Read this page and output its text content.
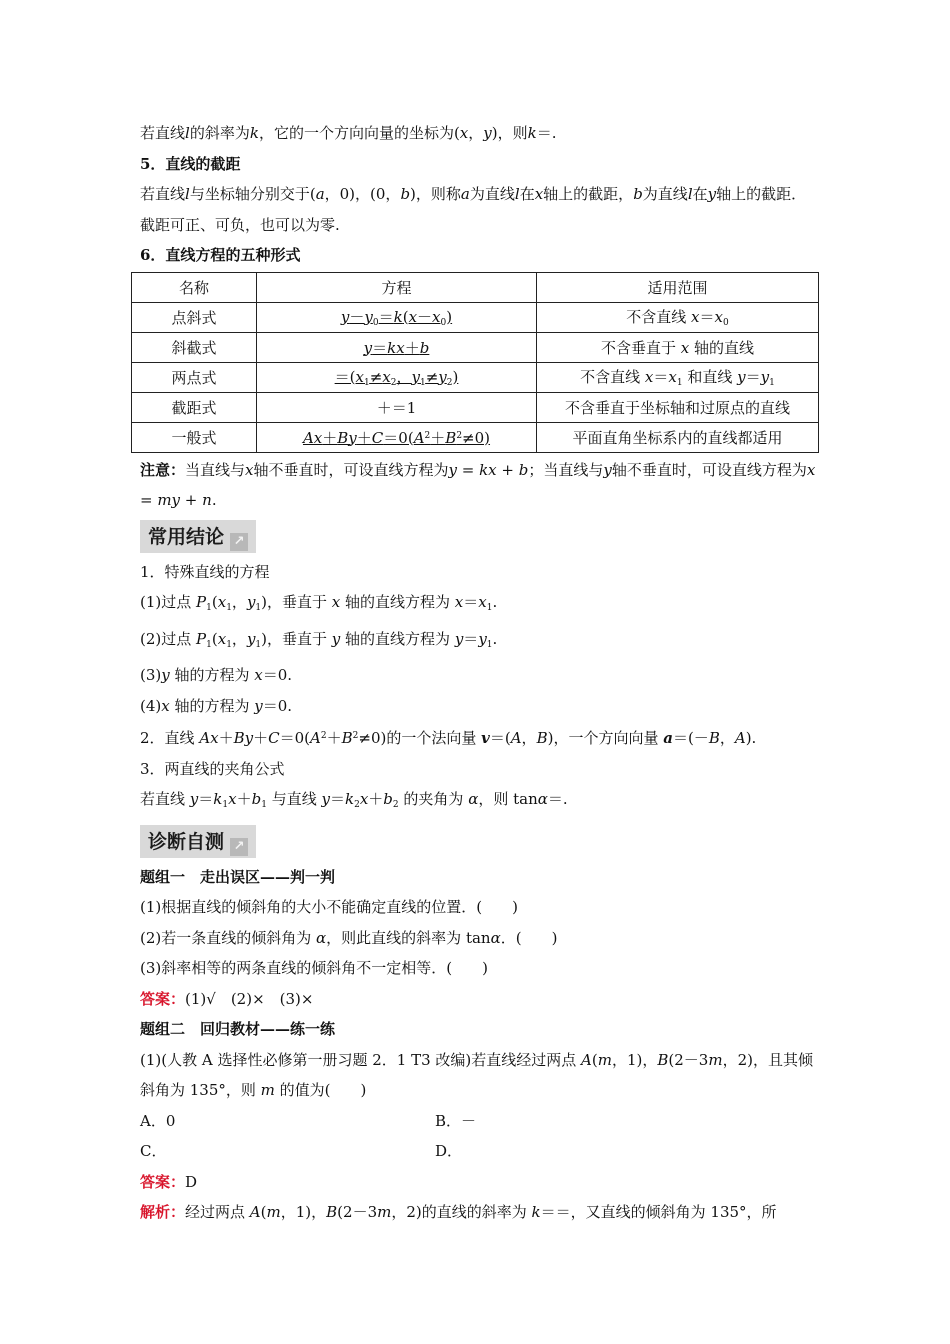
若直线l的斜率为k，它的一个方向向量的坐标为(x，y)，则k＝.
5．直线的截距
若直线l与坐标轴分别交于(a，0)，(0，b)，则称a为直线l在x轴上的截距，b为直线l在y轴上的截距．截距可正、可负，也可以为零.
6．直线方程的五种形式
名称	方程	适用范围
点斜式	$y-y_0=k(x-x_0)$	不含直线 $x=x_0$
斜截式	y＝kx＋b	不含垂直于 x 轴的直线
两点式	$=(x_1\ne x_2$，$y_1\ne y_2$)	不含直线 $x=x_1$ 和直线 $y=y_1$
截距式	＋＝1	不含垂直于坐标轴和过原点的直线
一般式	$Ax+By+C=0(A^2+B^2\ne 0)$	平面直角坐标系内的直线都适用
注意：当直线与x轴不垂直时，可设直线方程为y = kx + b；当直线与y轴不垂直时，可设直线方程为x = my + n.
常用结论 ↗
1．特殊直线的方程
(1)过点 $P_1(x_1$，$y_1$)，垂直于 x 轴的直线方程为 $x=x_1$.
(2)过点 $P_1(x_1$，$y_1$)，垂直于 y 轴的直线方程为 $y=y_1$.
(3)y 轴的方程为 x＝0.
(4)x 轴的方程为 y＝0.
2．直线 $Ax+By+C=0(A^2+B^2\ne 0)$的一个法向量 v＝(A，B)，一个方向向量 a＝(－B，A).
3．两直线的夹角公式
若直线 $y=k_1x+b_1$ 与直线 $y=k_2x+b_2$ 的夹角为 α，则 tanα＝.
诊断自测 ↗
题组一　走出误区——判一判
(1)根据直线的倾斜角的大小不能确定直线的位置．(　　)
(2)若一条直线的倾斜角为 α，则此直线的斜率为 tanα．(　　)
(3)斜率相等的两条直线的倾斜角不一定相等．(　　)
答案：(1)√　(2)×　(3)×
题组二　回归教材——练一练
(1)(人教 A 选择性必修第一册习题 2．1 T3 改编)若直线经过两点 A(m，1)，B(2－3m，2)，且其倾斜角为 135°，则 m 的值为(　　)
A．0	B．－
C．	D．
答案：D
解析：经过两点 A(m，1)，B(2－3m，2)的直线的斜率为 k＝＝，又直线的倾斜角为 135°，所
